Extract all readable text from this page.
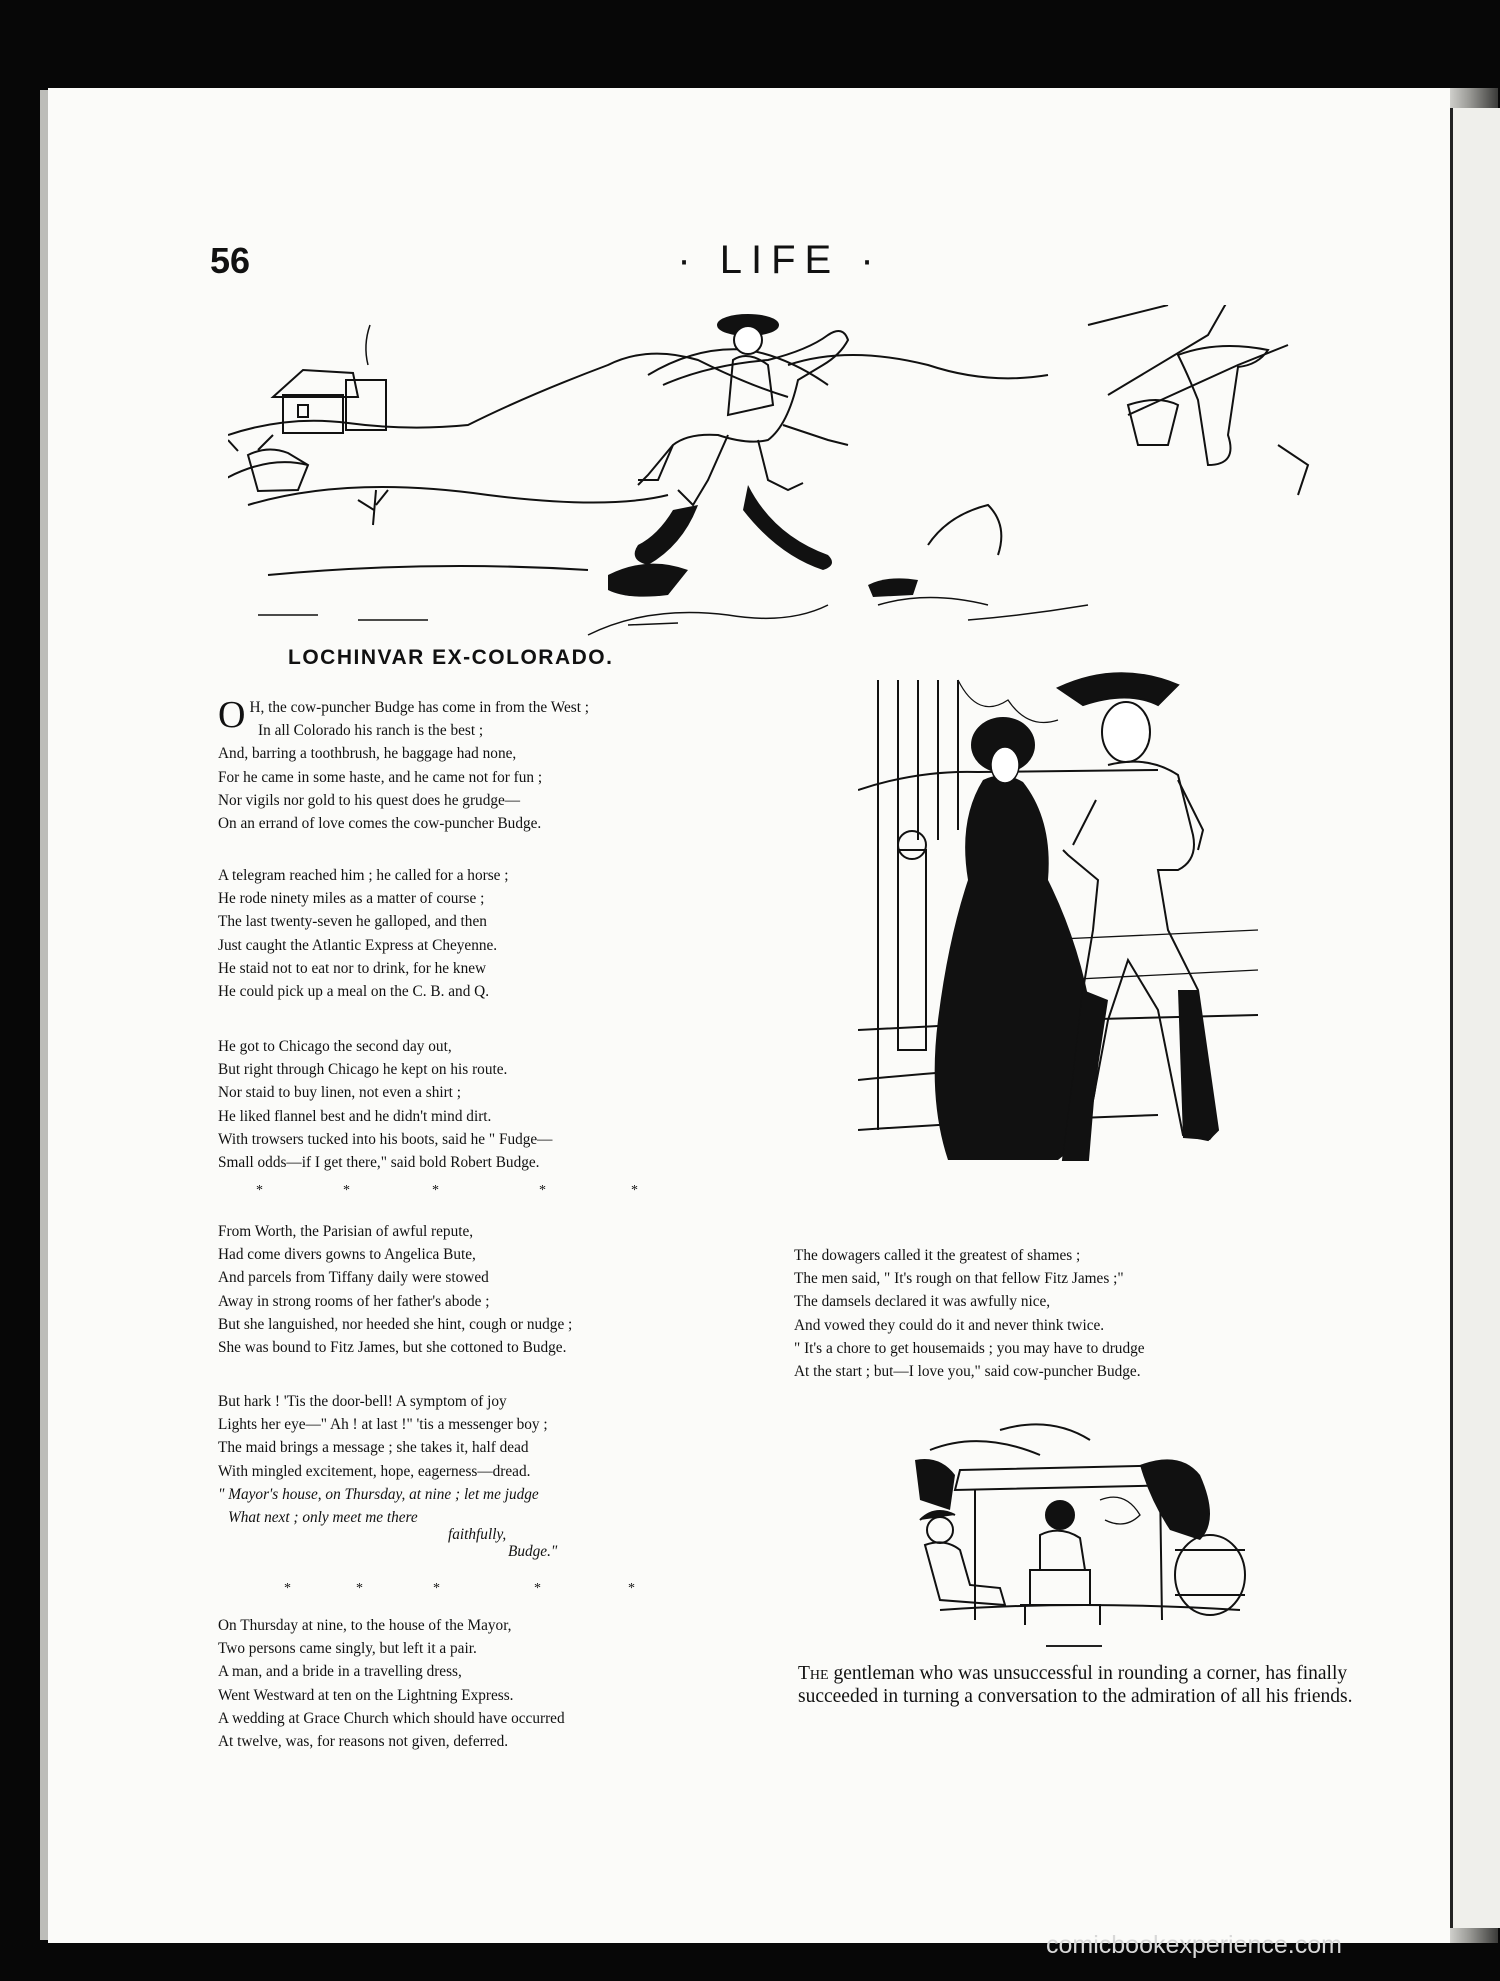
56	· LIFE ·
LOCHINVAR EX-COLORADO.
O H, the cow-puncher Budge has come in from the West ;
In all Colorado his ranch is the best ;
And, barring a toothbrush, he baggage had none,
For he came in some haste, and he came not for fun ;
Nor vigils nor gold to his quest does he grudge—
On an errand of love comes the cow-puncher Budge.
A telegram reached him ; he called for a horse ;
He rode ninety miles as a matter of course ;
The last twenty-seven he galloped, and then
Just caught the Atlantic Express at Cheyenne.
He staid not to eat nor to drink, for he knew
He could pick up a meal on the C. B. and Q.
He got to Chicago the second day out,
But right through Chicago he kept on his route.
Nor staid to buy linen, not even a shirt ;
He liked flannel best and he didn't mind dirt.
With trowsers tucked into his boots, said he " Fudge—
Small odds—if I get there," said bold Robert Budge.
*	*	*	*	*
From Worth, the Parisian of awful repute,
Had come divers gowns to Angelica Bute,
And parcels from Tiffany daily were stowed
Away in strong rooms of her father's abode ;
But she languished, nor heeded she hint, cough or nudge ;
She was bound to Fitz James, but she cottoned to Budge.
But hark ! 'Tis the door-bell! A symptom of joy
Lights her eye—" Ah ! at last !" 'tis a messenger boy ;
The maid brings a message ; she takes it, half dead
With mingled excitement, hope, eagerness—dread.
" Mayor's house, on Thursday, at nine ; let me judge
What next ; only meet me there
faithfully,
Budge."
*	*	*	*	*
On Thursday at nine, to the house of the Mayor,
Two persons came singly, but left it a pair.
A man, and a bride in a travelling dress,
Went Westward at ten on the Lightning Express.
A wedding at Grace Church which should have occurred
At twelve, was, for reasons not given, deferred.
The dowagers called it the greatest of shames ;
The men said, " It's rough on that fellow Fitz James ;"
The damsels declared it was awfully nice,
And vowed they could do it and never think twice.
" It's a chore to get housemaids ; you may have to drudge
At the start ; but—I love you," said cow-puncher Budge.
The gentleman who was unsuccessful in rounding a corner, has finally succeeded in turning a conversation to the admiration of all his friends.
comicbookexperience.com
